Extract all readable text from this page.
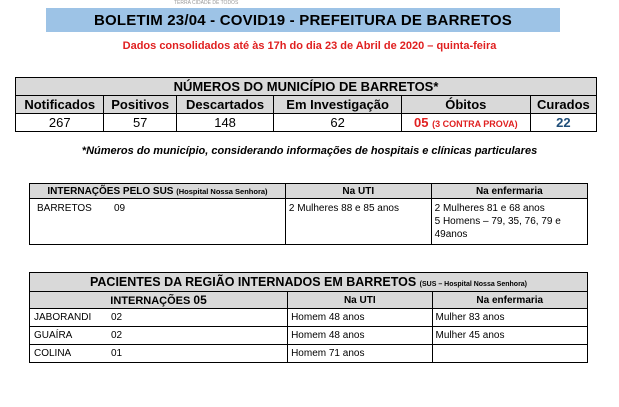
TERRA CIDADE DE TODOS
BOLETIM 23/04 - COVID19 - PREFEITURA DE BARRETOS
Dados consolidados até às 17h do dia 23 de Abril de 2020 – quinta-feira
NÚMEROS DO MUNICÍPIO DE BARRETOS*					
Notificados	Positivos	Descartados	Em Investigação	Óbitos	Curados
267	57	148	62	05 (3 CONTRA PROVA)	22
*Números do município, considerando informações de hospitais e clínicas particulares
INTERNAÇÕES PELO SUS (Hospital Nossa Senhora)	Na UTI	Na enfermaria
BARRETOS 09	2 Mulheres 88 e 85 anos	2 Mulheres 81 e 68 anos
5 Homens – 79, 35, 76, 79 e 49anos
PACIENTES DA REGIÃO INTERNADOS EM BARRETOS (SUS – Hospital Nossa Senhora)		
INTERNAÇÕES 05	Na UTI	Na enfermaria
JABORANDI 02	Homem 48 anos	Mulher 83 anos
GUAÍRA 02	Homem 48 anos	Mulher 45 anos
COLINA 01	Homem 71 anos	
